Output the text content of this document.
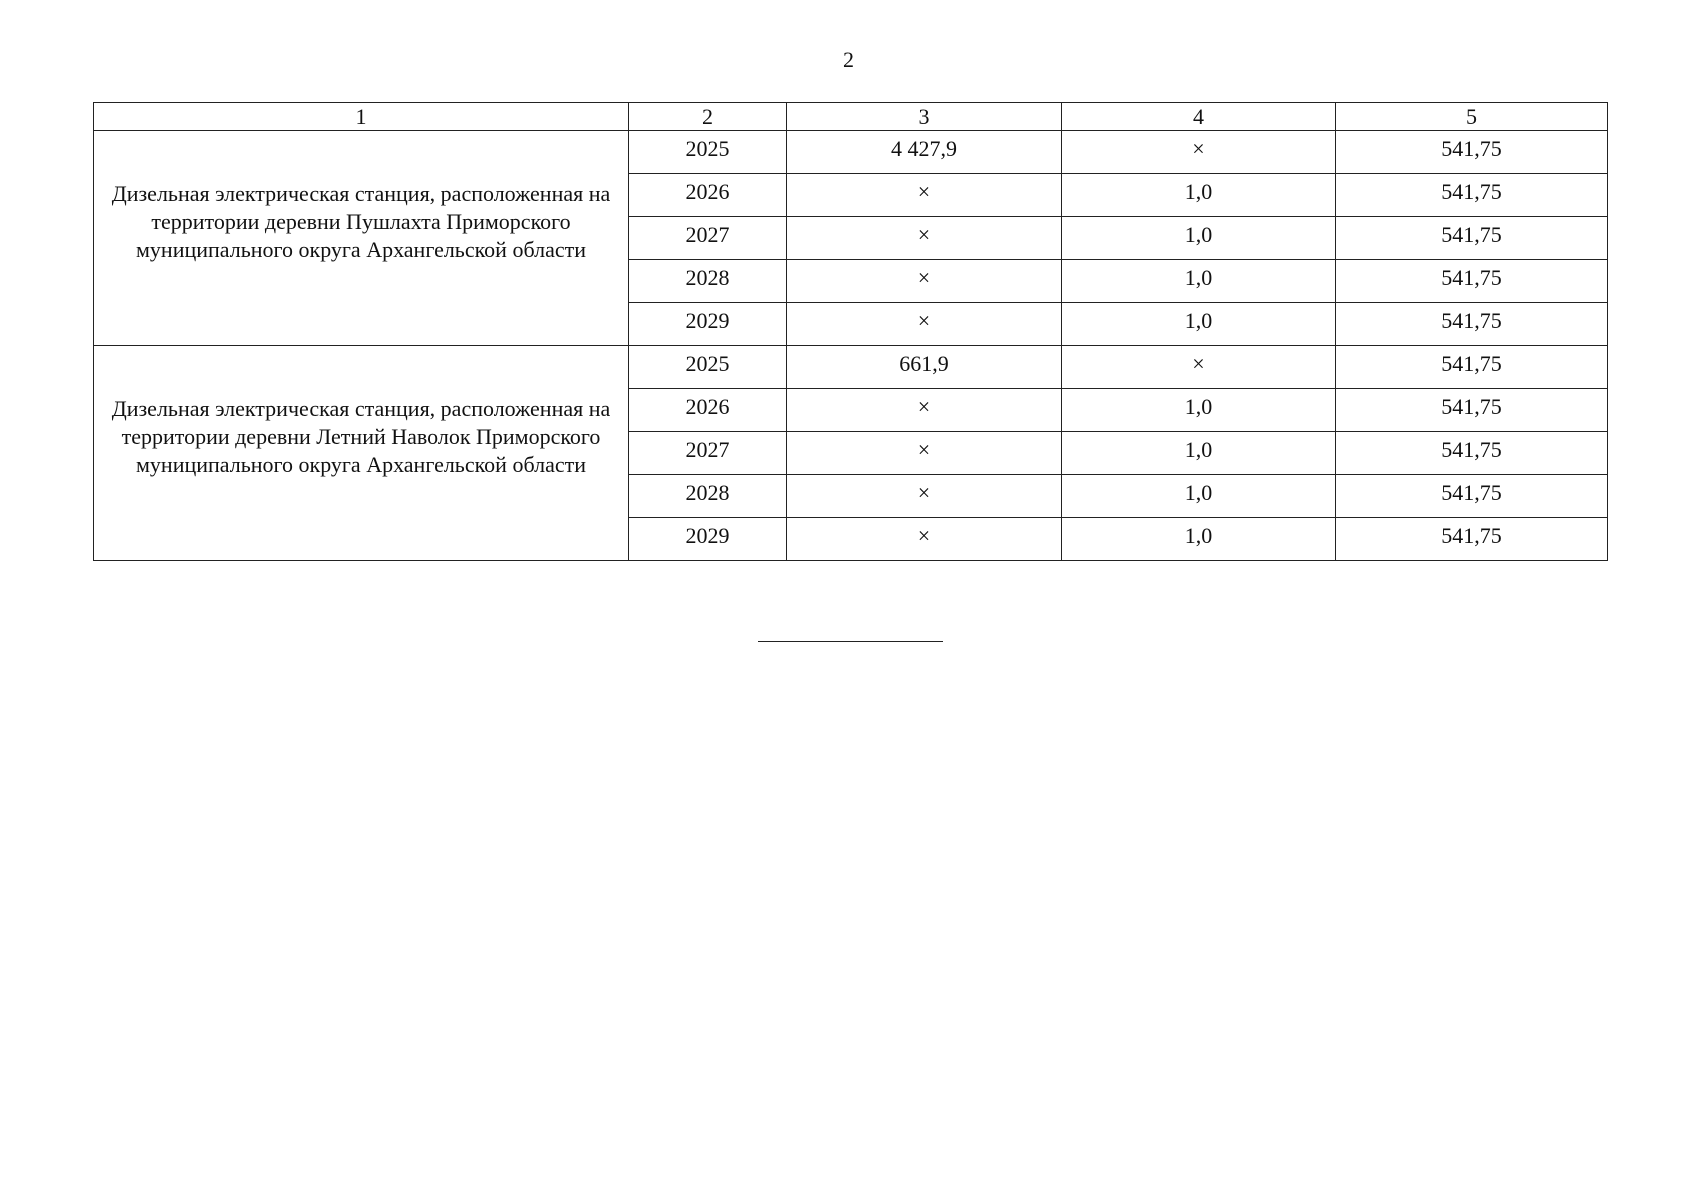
2
1	2	3	4	5
Дизельная электрическая станция, расположенная на территории деревни Пушлахта Приморского муниципального округа Архангельской области	2025	4 427,9	×	541,75
	2026	×	1,0	541,75
	2027	×	1,0	541,75
	2028	×	1,0	541,75
	2029	×	1,0	541,75
Дизельная электрическая станция, расположенная на территории деревни Летний Наволок Приморского муниципального округа Архангельской области	2025	661,9	×	541,75
	2026	×	1,0	541,75
	2027	×	1,0	541,75
	2028	×	1,0	541,75
	2029	×	1,0	541,75
